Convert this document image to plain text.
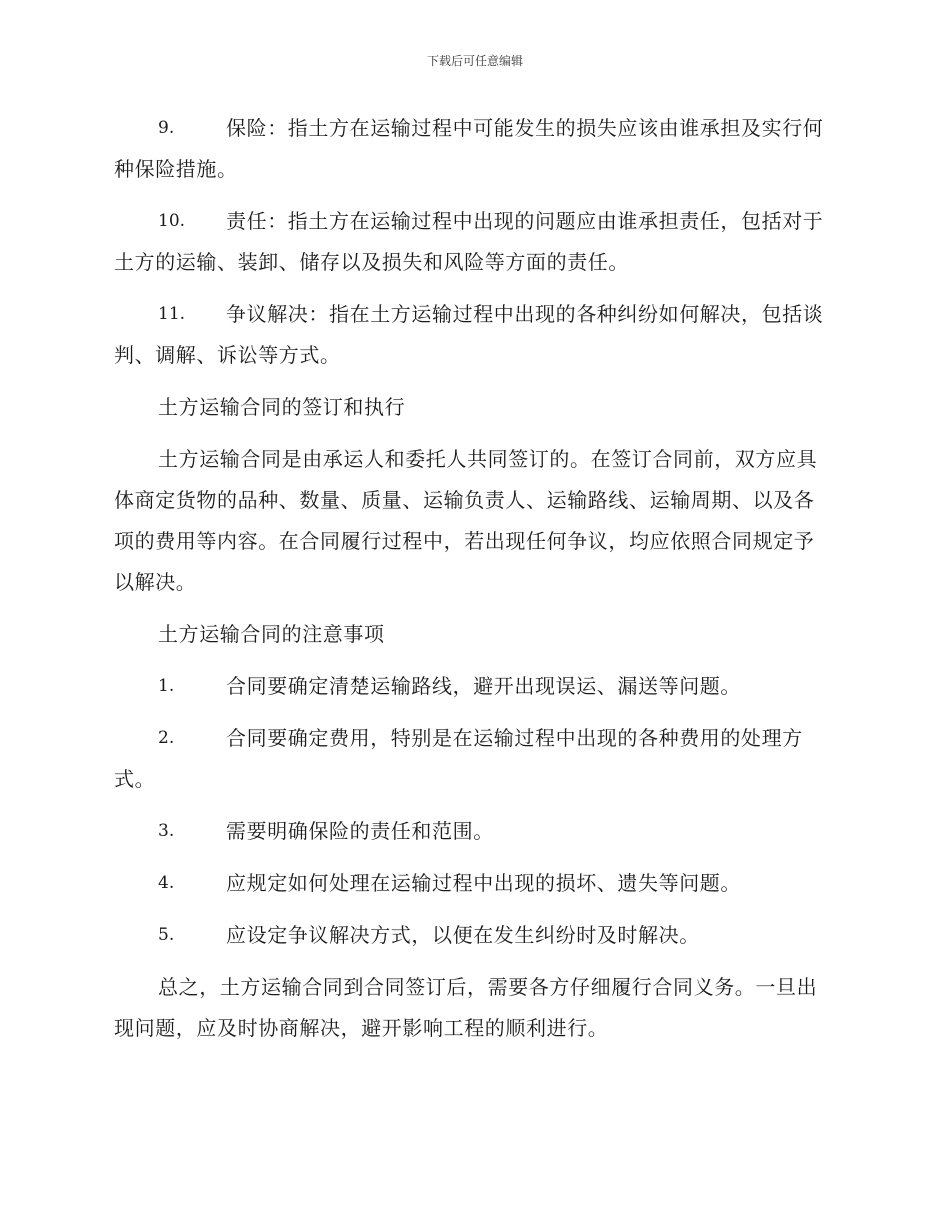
下载后可任意编辑
9.	保险：指土方在运输过程中可能发生的损失应该由谁承担及实行何种保险措施。
10.	责任：指土方在运输过程中出现的问题应由谁承担责任，包括对于土方的运输、装卸、储存以及损失和风险等方面的责任。
11.	争议解决：指在土方运输过程中出现的各种纠纷如何解决，包括谈判、调解、诉讼等方式。
土方运输合同的签订和执行
土方运输合同是由承运人和委托人共同签订的。在签订合同前，双方应具体商定货物的品种、数量、质量、运输负责人、运输路线、运输周期、以及各项的费用等内容。在合同履行过程中，若出现任何争议，均应依照合同规定予以解决。
土方运输合同的注意事项
1.	合同要确定清楚运输路线，避开出现误运、漏送等问题。
2.	合同要确定费用，特别是在运输过程中出现的各种费用的处理方式。
3.	需要明确保险的责任和范围。
4.	应规定如何处理在运输过程中出现的损坏、遗失等问题。
5.	应设定争议解决方式，以便在发生纠纷时及时解决。
总之，土方运输合同到合同签订后，需要各方仔细履行合同义务。一旦出现问题，应及时协商解决，避开影响工程的顺利进行。
